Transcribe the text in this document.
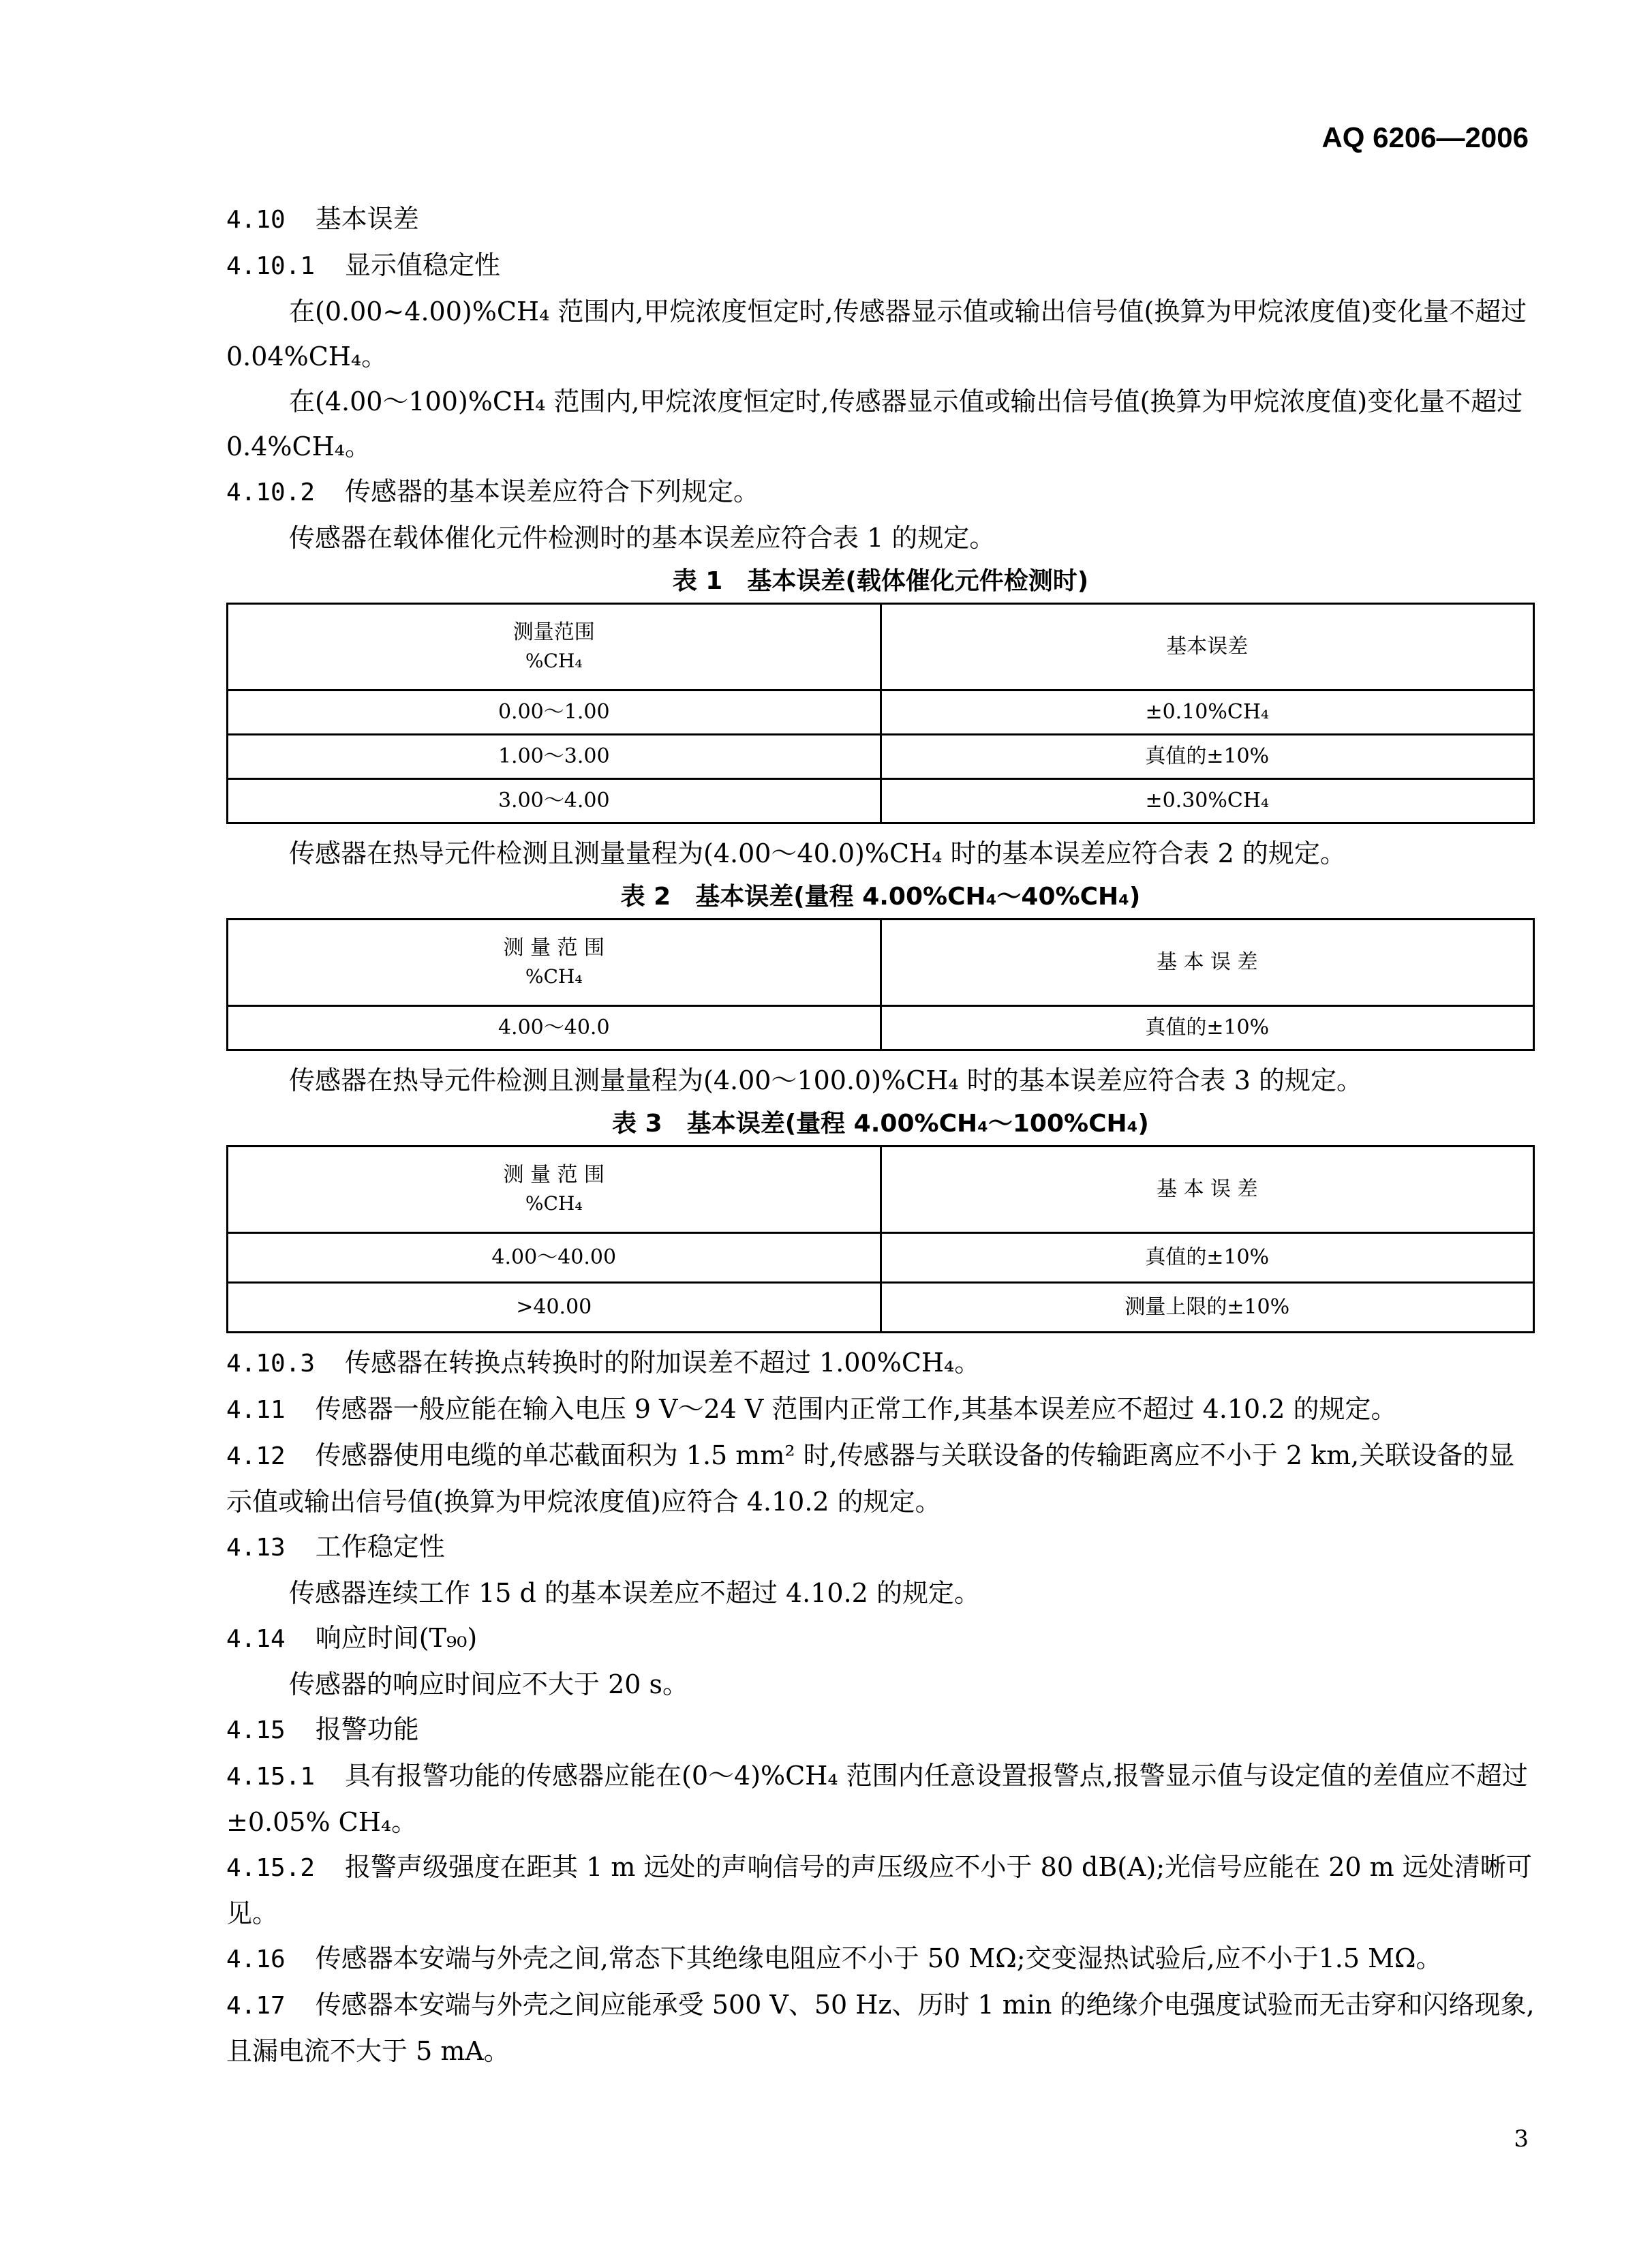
AQ 6206—2006

4.10 基本误差

4.10.1 显示值稳定性

在(0.00~4.00)%CH₄ 范围内,甲烷浓度恒定时,传感器显示值或输出信号值(换算为甲烷浓度值)变化量不超过 0.04%CH₄。

在(4.00～100)%CH₄ 范围内,甲烷浓度恒定时,传感器显示值或输出信号值(换算为甲烷浓度值)变化量不超过 0.4%CH₄。

4.10.2 传感器的基本误差应符合下列规定。

传感器在载体催化元件检测时的基本误差应符合表 1 的规定。

表 1　基本误差(载体催化元件检测时)

测量范围
%CH₄	基本误差
0.00～1.00	±0.10%CH₄
1.00～3.00	真值的±10%
3.00～4.00	±0.30%CH₄

传感器在热导元件检测且测量量程为(4.00～40.0)%CH₄ 时的基本误差应符合表 2 的规定。

表 2　基本误差(量程 4.00%CH₄～40%CH₄)

测 量 范 围
%CH₄	基 本 误 差
4.00～40.0	真值的±10%

传感器在热导元件检测且测量量程为(4.00～100.0)%CH₄ 时的基本误差应符合表 3 的规定。

表 3　基本误差(量程 4.00%CH₄～100%CH₄)

测 量 范 围
%CH₄	基 本 误 差
4.00～40.00	真值的±10%
>40.00	测量上限的±10%

4.10.3 传感器在转换点转换时的附加误差不超过 1.00%CH₄。

4.11 传感器一般应能在输入电压 9 V～24 V 范围内正常工作,其基本误差应不超过 4.10.2 的规定。

4.12 传感器使用电缆的单芯截面积为 1.5 mm² 时,传感器与关联设备的传输距离应不小于 2 km,关联设备的显示值或输出信号值(换算为甲烷浓度值)应符合 4.10.2 的规定。

4.13 工作稳定性

传感器连续工作 15 d 的基本误差应不超过 4.10.2 的规定。

4.14 响应时间(T₉₀)

传感器的响应时间应不大于 20 s。

4.15 报警功能

4.15.1 具有报警功能的传感器应能在(0～4)%CH₄ 范围内任意设置报警点,报警显示值与设定值的差值应不超过±0.05% CH₄。

4.15.2 报警声级强度在距其 1 m 远处的声响信号的声压级应不小于 80 dB(A);光信号应能在 20 m 远处清晰可见。

4.16 传感器本安端与外壳之间,常态下其绝缘电阻应不小于 50 MΩ;交变湿热试验后,应不小于1.5 MΩ。

4.17 传感器本安端与外壳之间应能承受 500 V、50 Hz、历时 1 min 的绝缘介电强度试验而无击穿和闪络现象,且漏电流不大于 5 mA。

3
